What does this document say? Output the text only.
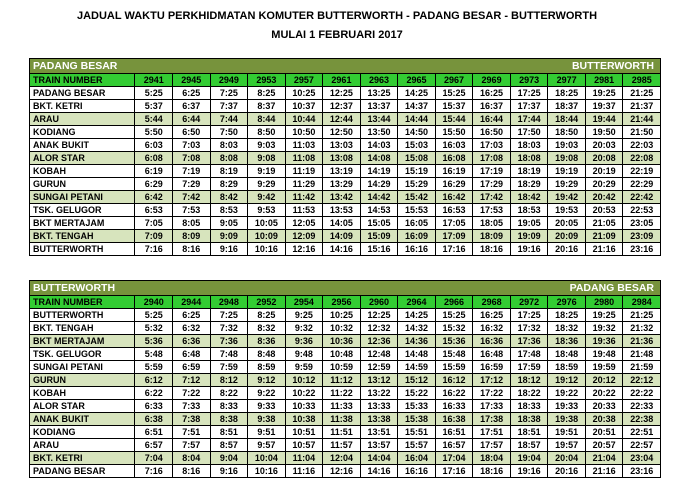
JADUAL WAKTU PERKHIDMATAN KOMUTER BUTTERWORTH - PADANG BESAR - BUTTERWORTH
MULAI 1 FEBRUARI 2017
PADANG BESAR												BUTTERWORTH		
TRAIN NUMBER	2941	2945	2949	2953	2957	2961	2963	2965	2967	2969	2973	2977	2981	2985
PADANG BESAR	5:25	6:25	7:25	8:25	10:25	12:25	13:25	14:25	15:25	16:25	17:25	18:25	19:25	21:25
BKT. KETRI	5:37	6:37	7:37	8:37	10:37	12:37	13:37	14:37	15:37	16:37	17:37	18:37	19:37	21:37
ARAU	5:44	6:44	7:44	8:44	10:44	12:44	13:44	14:44	15:44	16:44	17:44	18:44	19:44	21:44
KODIANG	5:50	6:50	7:50	8:50	10:50	12:50	13:50	14:50	15:50	16:50	17:50	18:50	19:50	21:50
ANAK BUKIT	6:03	7:03	8:03	9:03	11:03	13:03	14:03	15:03	16:03	17:03	18:03	19:03	20:03	22:03
ALOR STAR	6:08	7:08	8:08	9:08	11:08	13:08	14:08	15:08	16:08	17:08	18:08	19:08	20:08	22:08
KOBAH	6:19	7:19	8:19	9:19	11:19	13:19	14:19	15:19	16:19	17:19	18:19	19:19	20:19	22:19
GURUN	6:29	7:29	8:29	9:29	11:29	13:29	14:29	15:29	16:29	17:29	18:29	19:29	20:29	22:29
SUNGAI PETANI	6:42	7:42	8:42	9:42	11:42	13:42	14:42	15:42	16:42	17:42	18:42	19:42	20:42	22:42
TSK. GELUGOR	6:53	7:53	8:53	9:53	11:53	13:53	14:53	15:53	16:53	17:53	18:53	19:53	20:53	22:53
BKT MERTAJAM	7:05	8:05	9:05	10:05	12:05	14:05	15:05	16:05	17:05	18:05	19:05	20:05	21:05	23:05
BKT. TENGAH	7:09	8:09	9:09	10:09	12:09	14:09	15:09	16:09	17:09	18:09	19:09	20:09	21:09	23:09
BUTTERWORTH	7:16	8:16	9:16	10:16	12:16	14:16	15:16	16:16	17:16	18:16	19:16	20:16	21:16	23:16
BUTTERWORTH												PADANG BESAR		
TRAIN NUMBER	2940	2944	2948	2952	2954	2956	2960	2964	2966	2968	2972	2976	2980	2984
BUTTERWORTH	5:25	6:25	7:25	8:25	9:25	10:25	12:25	14:25	15:25	16:25	17:25	18:25	19:25	21:25
BKT. TENGAH	5:32	6:32	7:32	8:32	9:32	10:32	12:32	14:32	15:32	16:32	17:32	18:32	19:32	21:32
BKT MERTAJAM	5:36	6:36	7:36	8:36	9:36	10:36	12:36	14:36	15:36	16:36	17:36	18:36	19:36	21:36
TSK. GELUGOR	5:48	6:48	7:48	8:48	9:48	10:48	12:48	14:48	15:48	16:48	17:48	18:48	19:48	21:48
SUNGAI PETANI	5:59	6:59	7:59	8:59	9:59	10:59	12:59	14:59	15:59	16:59	17:59	18:59	19:59	21:59
GURUN	6:12	7:12	8:12	9:12	10:12	11:12	13:12	15:12	16:12	17:12	18:12	19:12	20:12	22:12
KOBAH	6:22	7:22	8:22	9:22	10:22	11:22	13:22	15:22	16:22	17:22	18:22	19:22	20:22	22:22
ALOR STAR	6:33	7:33	8:33	9:33	10:33	11:33	13:33	15:33	16:33	17:33	18:33	19:33	20:33	22:33
ANAK BUKIT	6:38	7:38	8:38	9:38	10:38	11:38	13:38	15:38	16:38	17:38	18:38	19:38	20:38	22:38
KODIANG	6:51	7:51	8:51	9:51	10:51	11:51	13:51	15:51	16:51	17:51	18:51	19:51	20:51	22:51
ARAU	6:57	7:57	8:57	9:57	10:57	11:57	13:57	15:57	16:57	17:57	18:57	19:57	20:57	22:57
BKT. KETRI	7:04	8:04	9:04	10:04	11:04	12:04	14:04	16:04	17:04	18:04	19:04	20:04	21:04	23:04
PADANG BESAR	7:16	8:16	9:16	10:16	11:16	12:16	14:16	16:16	17:16	18:16	19:16	20:16	21:16	23:16
